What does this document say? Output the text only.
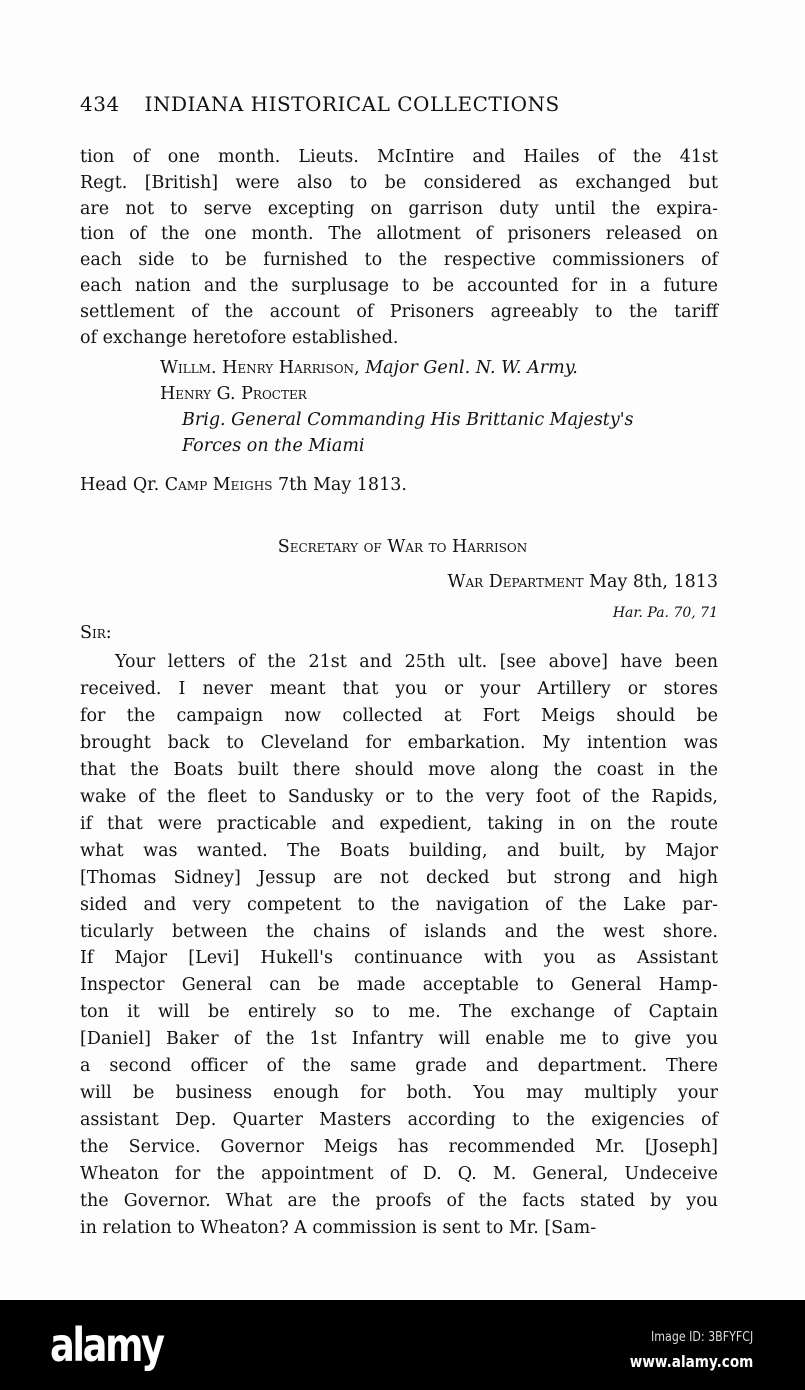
434 INDIANA HISTORICAL COLLECTIONS
tion of one month. Lieuts. McIntire and Hailes of the 41st
Regt. [British] were also to be considered as exchanged but
are not to serve excepting on garrison duty until the expira-
tion of the one month. The allotment of prisoners released on
each side to be furnished to the respective commissioners of
each nation and the surplusage to be accounted for in a future
settlement of the account of Prisoners agreeably to the tariff
of exchange heretofore established.
Willm. Henry Harrison, Major Genl. N. W. Army.
Henry G. Procter
Brig. General Commanding His Brittanic Majesty's
Forces on the Miami
Head Qr. Camp Meighs 7th May 1813.
Secretary of War to Harrison
War Department May 8th, 1813
Har. Pa. 70, 71
Sir:
Your letters of the 21st and 25th ult. [see above] have been
received. I never meant that you or your Artillery or stores
for the campaign now collected at Fort Meigs should be
brought back to Cleveland for embarkation. My intention was
that the Boats built there should move along the coast in the
wake of the fleet to Sandusky or to the very foot of the Rapids,
if that were practicable and expedient, taking in on the route
what was wanted. The Boats building, and built, by Major
[Thomas Sidney] Jessup are not decked but strong and high
sided and very competent to the navigation of the Lake par-
ticularly between the chains of islands and the west shore.
If Major [Levi] Hukell's continuance with you as Assistant
Inspector General can be made acceptable to General Hamp-
ton it will be entirely so to me. The exchange of Captain
[Daniel] Baker of the 1st Infantry will enable me to give you
a second officer of the same grade and department. There
will be business enough for both. You may multiply your
assistant Dep. Quarter Masters according to the exigencies of
the Service. Governor Meigs has recommended Mr. [Joseph]
Wheaton for the appointment of D. Q. M. General, Undeceive
the Governor. What are the proofs of the facts stated by you
in relation to Wheaton? A commission is sent to Mr. [Sam-
alamy	Image ID: 3BFYFCJ
www.alamy.com
